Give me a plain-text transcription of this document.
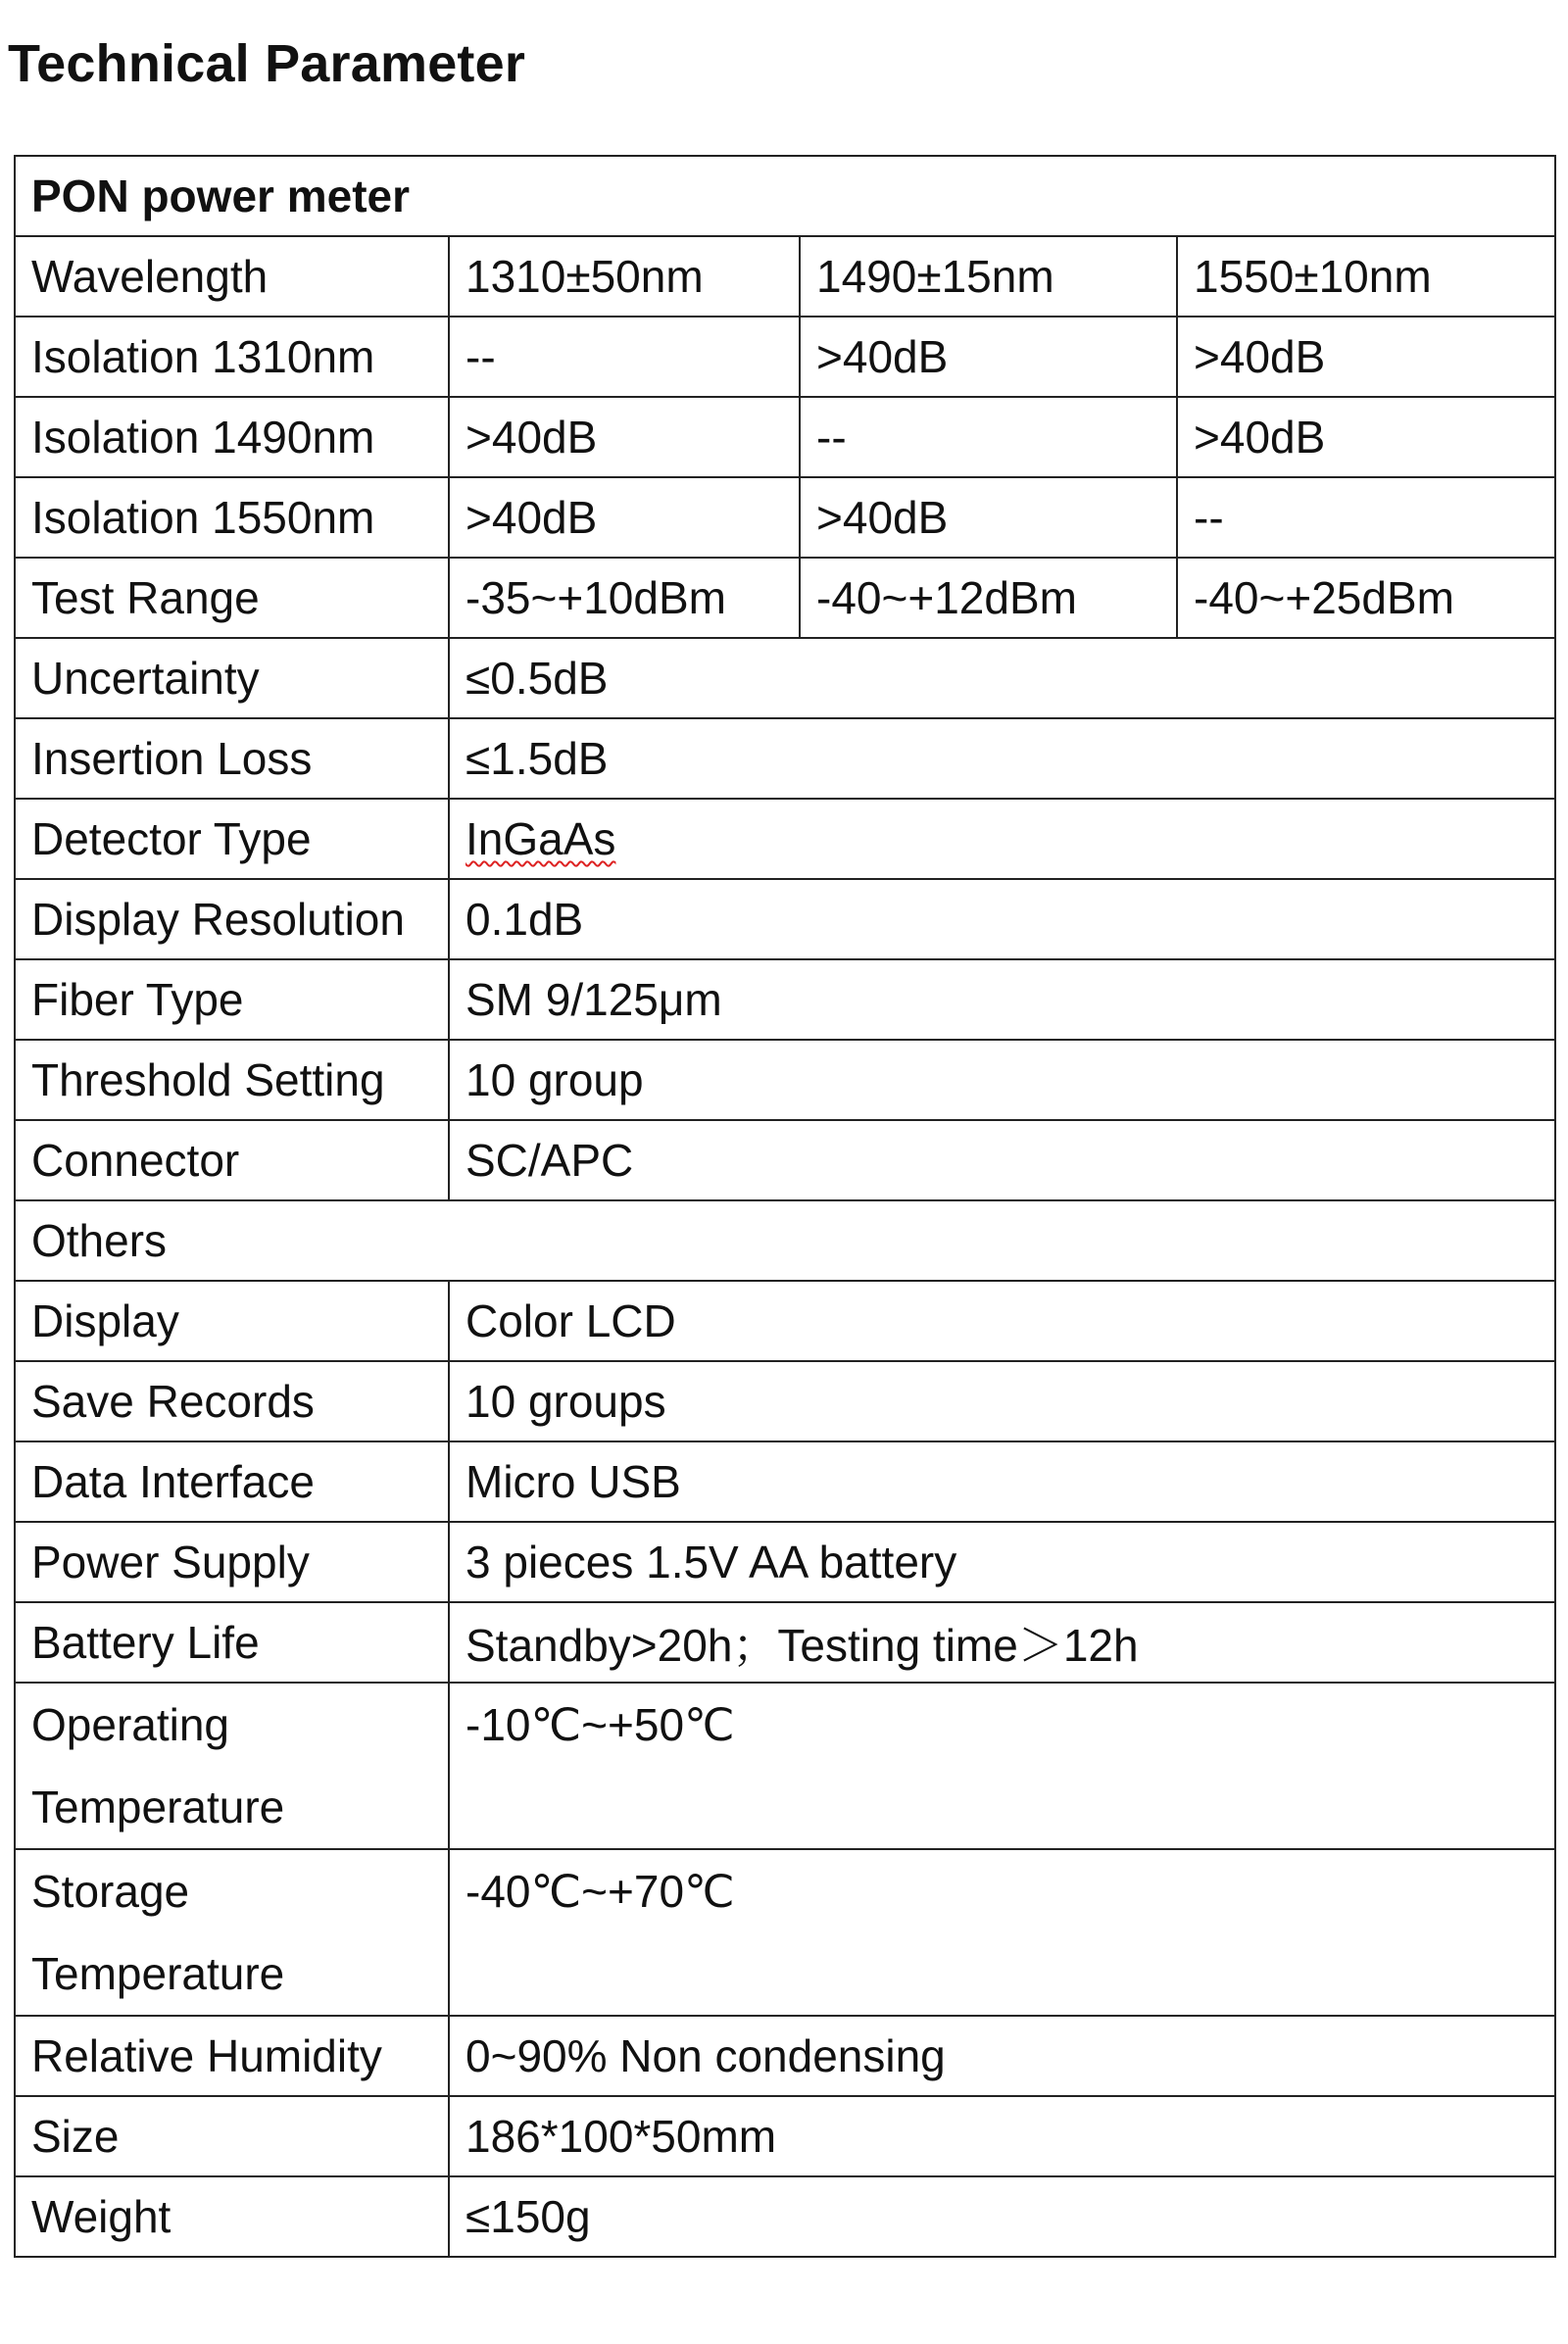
Technical Parameter
PON power meter			
Wavelength	1310±50nm	1490±15nm	1550±10nm
Isolation 1310nm	--	>40dB	>40dB
Isolation 1490nm	>40dB	--	>40dB
Isolation 1550nm	>40dB	>40dB	--
Test Range	-35~+10dBm	-40~+12dBm	-40~+25dBm
Uncertainty	≤0.5dB		
Insertion Loss	≤1.5dB		
Detector Type	InGaAs		
Display Resolution	0.1dB		
Fiber Type	SM 9/125μm		
Threshold Setting	10 group		
Connector	SC/APC		
Others			
Display	Color LCD		
Save Records	10 groups		
Data Interface	Micro USB		
Power Supply	3 pieces 1.5V AA battery		
Battery Life	Standby>20h；Testing time＞12h		
Operating Temperature	-10℃~+50℃		
Storage Temperature	-40℃~+70℃		
Relative Humidity	0~90% Non condensing		
Size	186*100*50mm		
Weight	≤150g		
